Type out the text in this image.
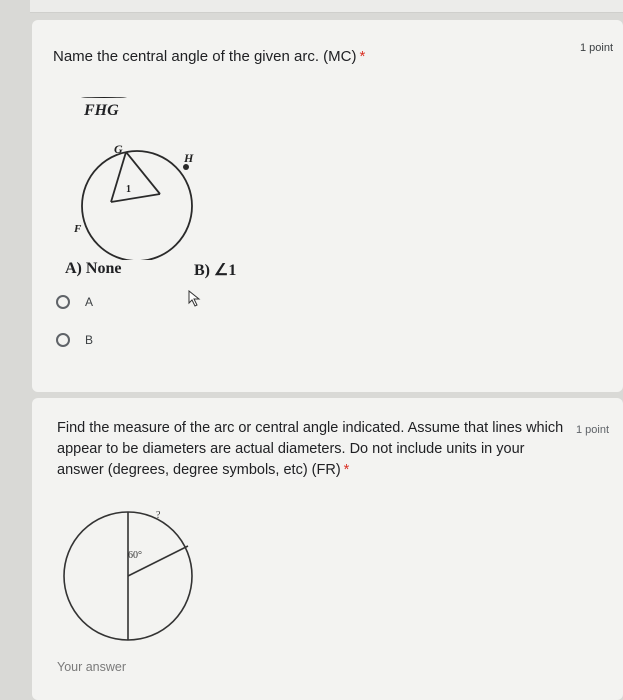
Name the central angle of the given arc. (MC) *	1 point
FHG
G
H
F
1
A) None	B) ∠1
A
B
Find the measure of the arc or central angle indicated. Assume that lines which appear to be diameters are actual diameters. Do not include units in your answer (degrees, degree symbols, etc) (FR) *
1 point
?
60°
Your answer
